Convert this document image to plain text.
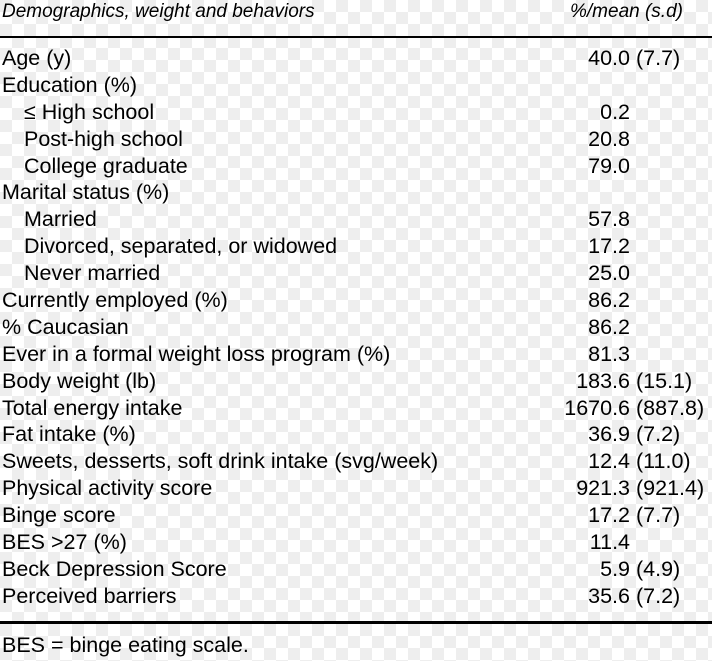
Demographics, weight and behaviors	%/mean (s.d)
Age (y)	40.0 (7.7)
Education (%)
≤ High school	0.2
Post-high school	20.8
College graduate	79.0
Marital status (%)
Married	57.8
Divorced, separated, or widowed	17.2
Never married	25.0
Currently employed (%)	86.2
% Caucasian	86.2
Ever in a formal weight loss program (%)	81.3
Body weight (lb)	183.6 (15.1)
Total energy intake	1670.6 (887.8)
Fat intake (%)	36.9 (7.2)
Sweets, desserts, soft drink intake (svg/week)	12.4 (11.0)
Physical activity score	921.3 (921.4)
Binge score	17.2 (7.7)
BES >27 (%)	11.4
Beck Depression Score	5.9 (4.9)
Perceived barriers	35.6 (7.2)
BES = binge eating scale.
